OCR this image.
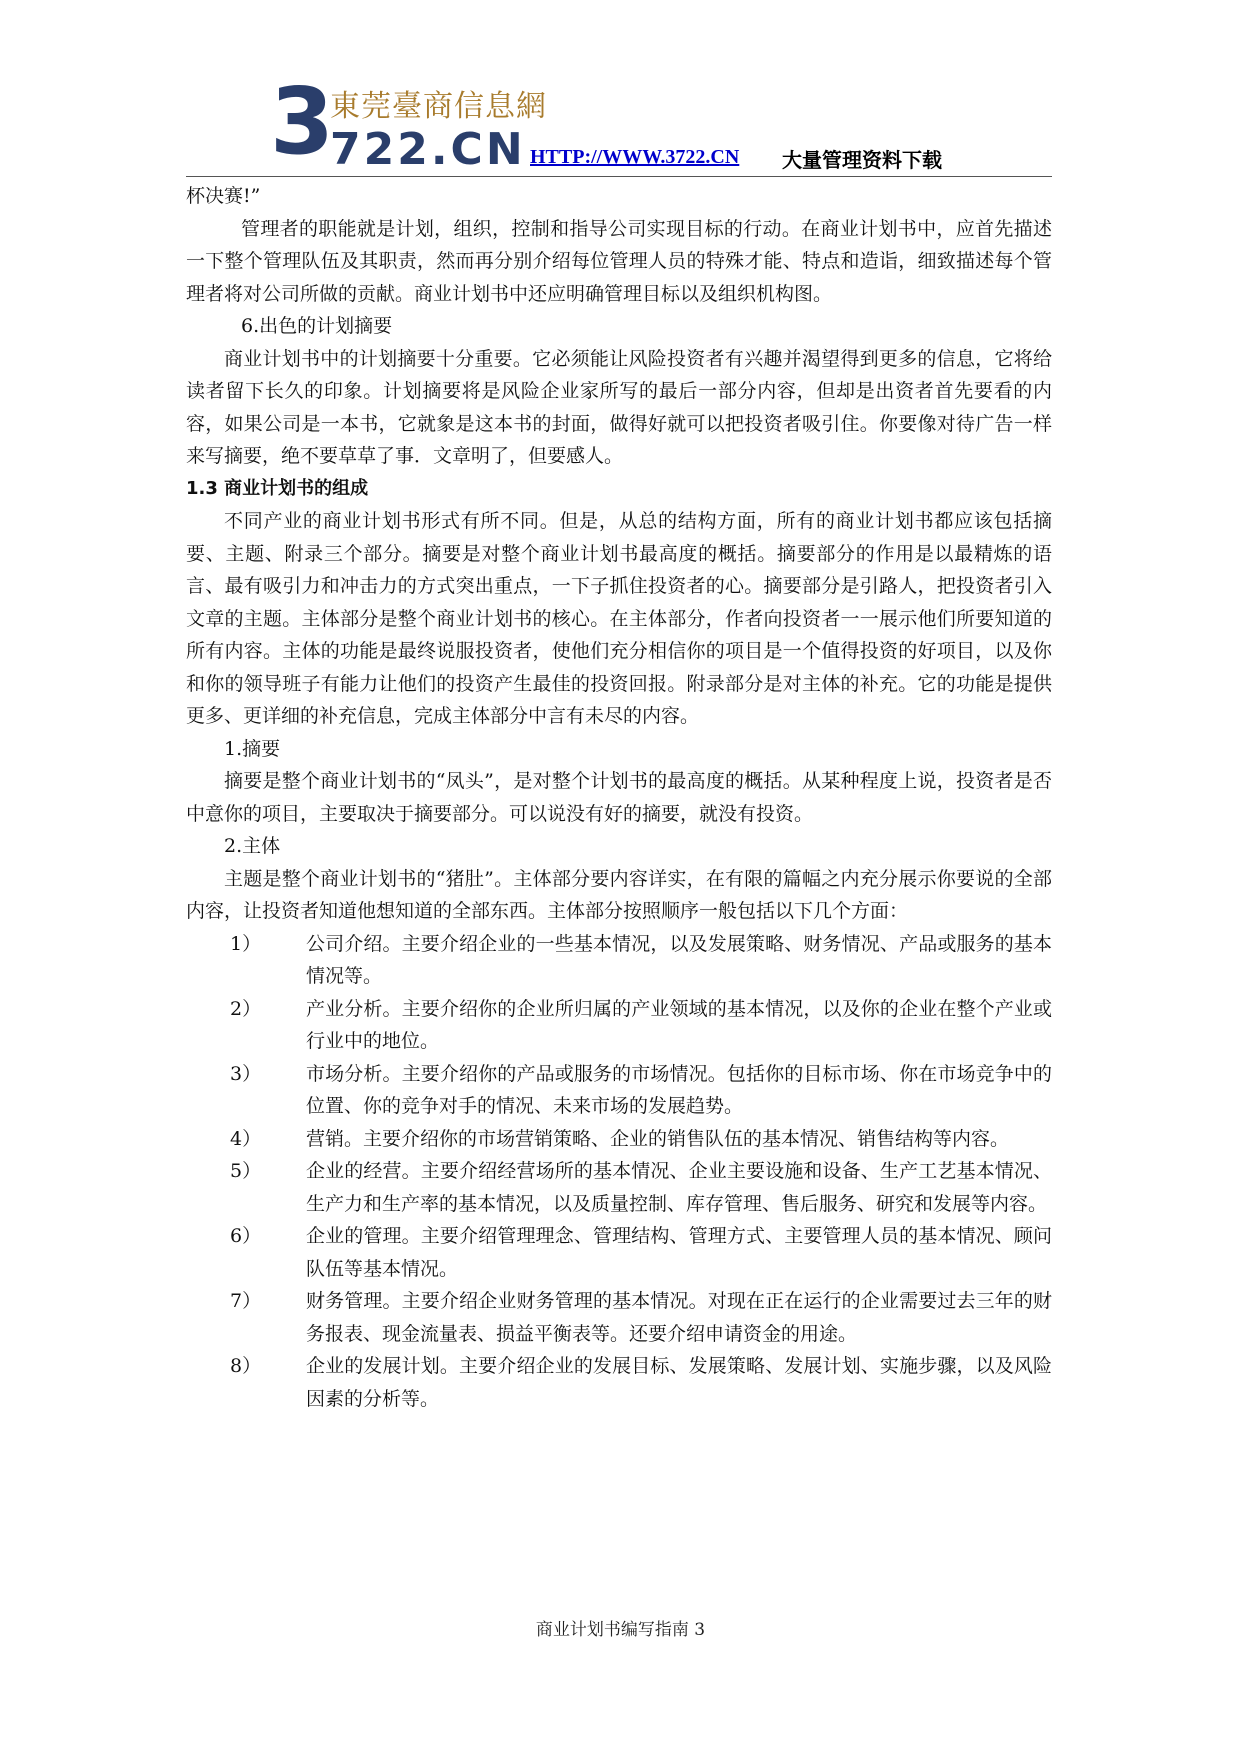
3
東莞臺商信息網
722.CN HTTP://WWW.3722.CN 大量管理资料下载

杯决赛!”

管理者的职能就是计划，组织，控制和指导公司实现目标的行动。在商业计划书中，应首先描述一下整个管理队伍及其职责，然而再分别介绍每位管理人员的特殊才能、特点和造诣，细致描述每个管理者将对公司所做的贡献。商业计划书中还应明确管理目标以及组织机构图。

6.出色的计划摘要

商业计划书中的计划摘要十分重要。它必须能让风险投资者有兴趣并渴望得到更多的信息，它将给读者留下长久的印象。计划摘要将是风险企业家所写的最后一部分内容，但却是出资者首先要看的内容，如果公司是一本书，它就象是这本书的封面，做得好就可以把投资者吸引住。你要像对待广告一样来写摘要，绝不要草草了事．文章明了，但要感人。

1.3 商业计划书的组成

不同产业的商业计划书形式有所不同。但是，从总的结构方面，所有的商业计划书都应该包括摘要、主题、附录三个部分。摘要是对整个商业计划书最高度的概括。摘要部分的作用是以最精炼的语言、最有吸引力和冲击力的方式突出重点，一下子抓住投资者的心。摘要部分是引路人，把投资者引入文章的主题。主体部分是整个商业计划书的核心。在主体部分，作者向投资者一一展示他们所要知道的所有内容。主体的功能是最终说服投资者，使他们充分相信你的项目是一个值得投资的好项目，以及你和你的领导班子有能力让他们的投资产生最佳的投资回报。附录部分是对主体的补充。它的功能是提供更多、更详细的补充信息，完成主体部分中言有未尽的内容。

1.摘要

摘要是整个商业计划书的“凤头”，是对整个计划书的最高度的概括。从某种程度上说，投资者是否中意你的项目，主要取决于摘要部分。可以说没有好的摘要，就没有投资。

2.主体

主题是整个商业计划书的“猪肚”。主体部分要内容详实，在有限的篇幅之内充分展示你要说的全部内容，让投资者知道他想知道的全部东西。主体部分按照顺序一般包括以下几个方面：

1） 公司介绍。主要介绍企业的一些基本情况，以及发展策略、财务情况、产品或服务的基本情况等。
2） 产业分析。主要介绍你的企业所归属的产业领域的基本情况，以及你的企业在整个产业或行业中的地位。
3） 市场分析。主要介绍你的产品或服务的市场情况。包括你的目标市场、你在市场竞争中的位置、你的竞争对手的情况、未来市场的发展趋势。
4） 营销。主要介绍你的市场营销策略、企业的销售队伍的基本情况、销售结构等内容。
5） 企业的经营。主要介绍经营场所的基本情况、企业主要设施和设备、生产工艺基本情况、生产力和生产率的基本情况，以及质量控制、库存管理、售后服务、研究和发展等内容。
6） 企业的管理。主要介绍管理理念、管理结构、管理方式、主要管理人员的基本情况、顾问队伍等基本情况。
7） 财务管理。主要介绍企业财务管理的基本情况。对现在正在运行的企业需要过去三年的财务报表、现金流量表、损益平衡表等。还要介绍申请资金的用途。
8） 企业的发展计划。主要介绍企业的发展目标、发展策略、发展计划、实施步骤，以及风险因素的分析等。
商业计划书编写指南 3
